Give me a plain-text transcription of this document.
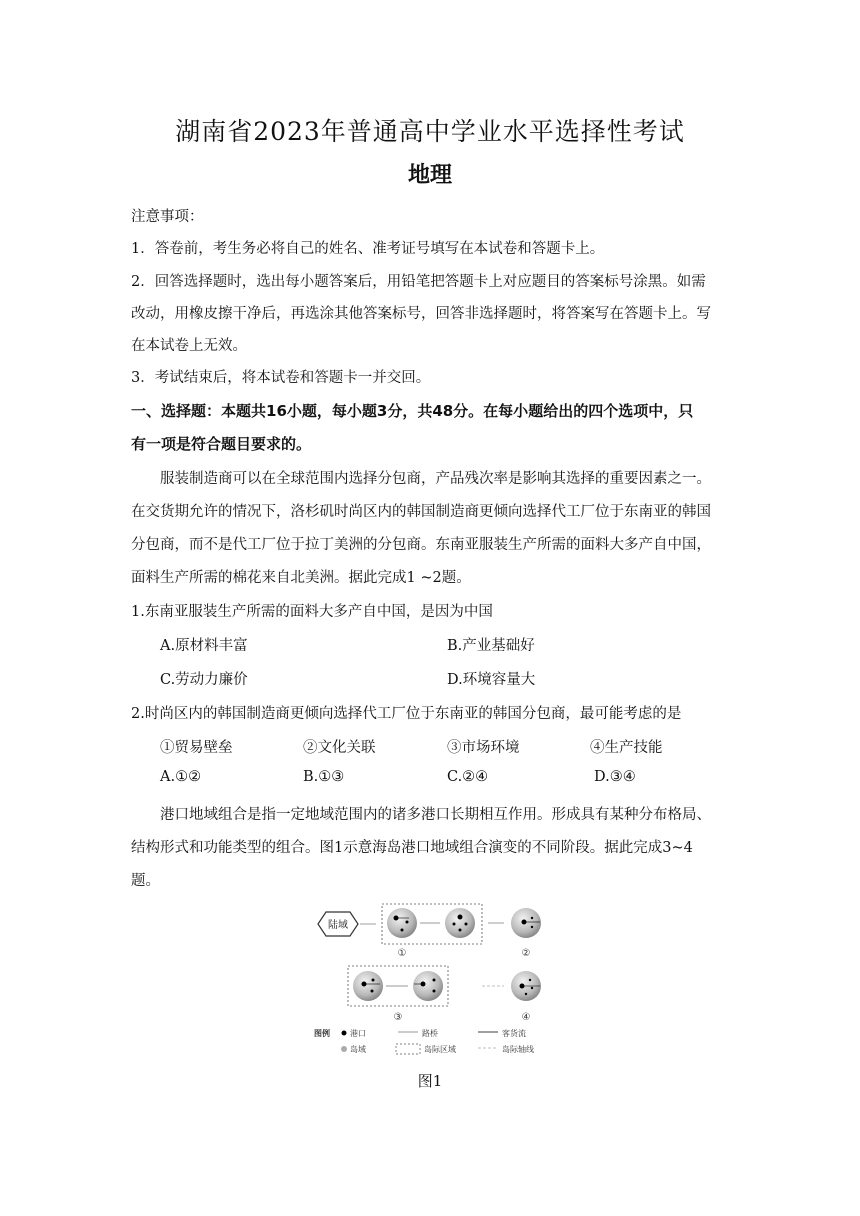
湖南省2023年普通高中学业水平选择性考试
地理
注意事项：
1．答卷前，考生务必将自己的姓名、准考证号填写在本试卷和答题卡上。
2．回答选择题时，选出每小题答案后，用铅笔把答题卡上对应题目的答案标号涂黑。如需
改动，用橡皮擦干净后，再选涂其他答案标号，回答非选择题时，将答案写在答题卡上。写
在本试卷上无效。
3．考试结束后，将本试卷和答题卡一并交回。
一、选择题：本题共16小题，每小题3分，共48分。在每小题给出的四个选项中，只
有一项是符合题目要求的。
服装制造商可以在全球范围内选择分包商，产品残次率是影响其选择的重要因素之一。
在交货期允许的情况下，洛杉矶时尚区内的韩国制造商更倾向选择代工厂位于东南亚的韩国
分包商，而不是代工厂位于拉丁美洲的分包商。东南亚服装生产所需的面料大多产自中国，
面料生产所需的棉花来自北美洲。据此完成1 ~2题。
1.东南亚服装生产所需的面料大多产自中国，是因为中国
A.原材料丰富	B.产业基础好
C.劳动力廉价	D.环境容量大
2.时尚区内的韩国制造商更倾向选择代工厂位于东南亚的韩国分包商，最可能考虑的是
①贸易壁垒	②文化关联	③市场环境	④生产技能
A.①②	B.①③	C.②④	D.③④
港口地域组合是指一定地域范围内的诸多港口长期相互作用。形成具有某种分布格局、
结构形式和功能类型的组合。图1示意海岛港口地域组合演变的不同阶段。据此完成3~4
题。
陆域
①	②
③	④
图例	港口	路桥	客货流
岛域	岛际区域	岛际轴线
图1
